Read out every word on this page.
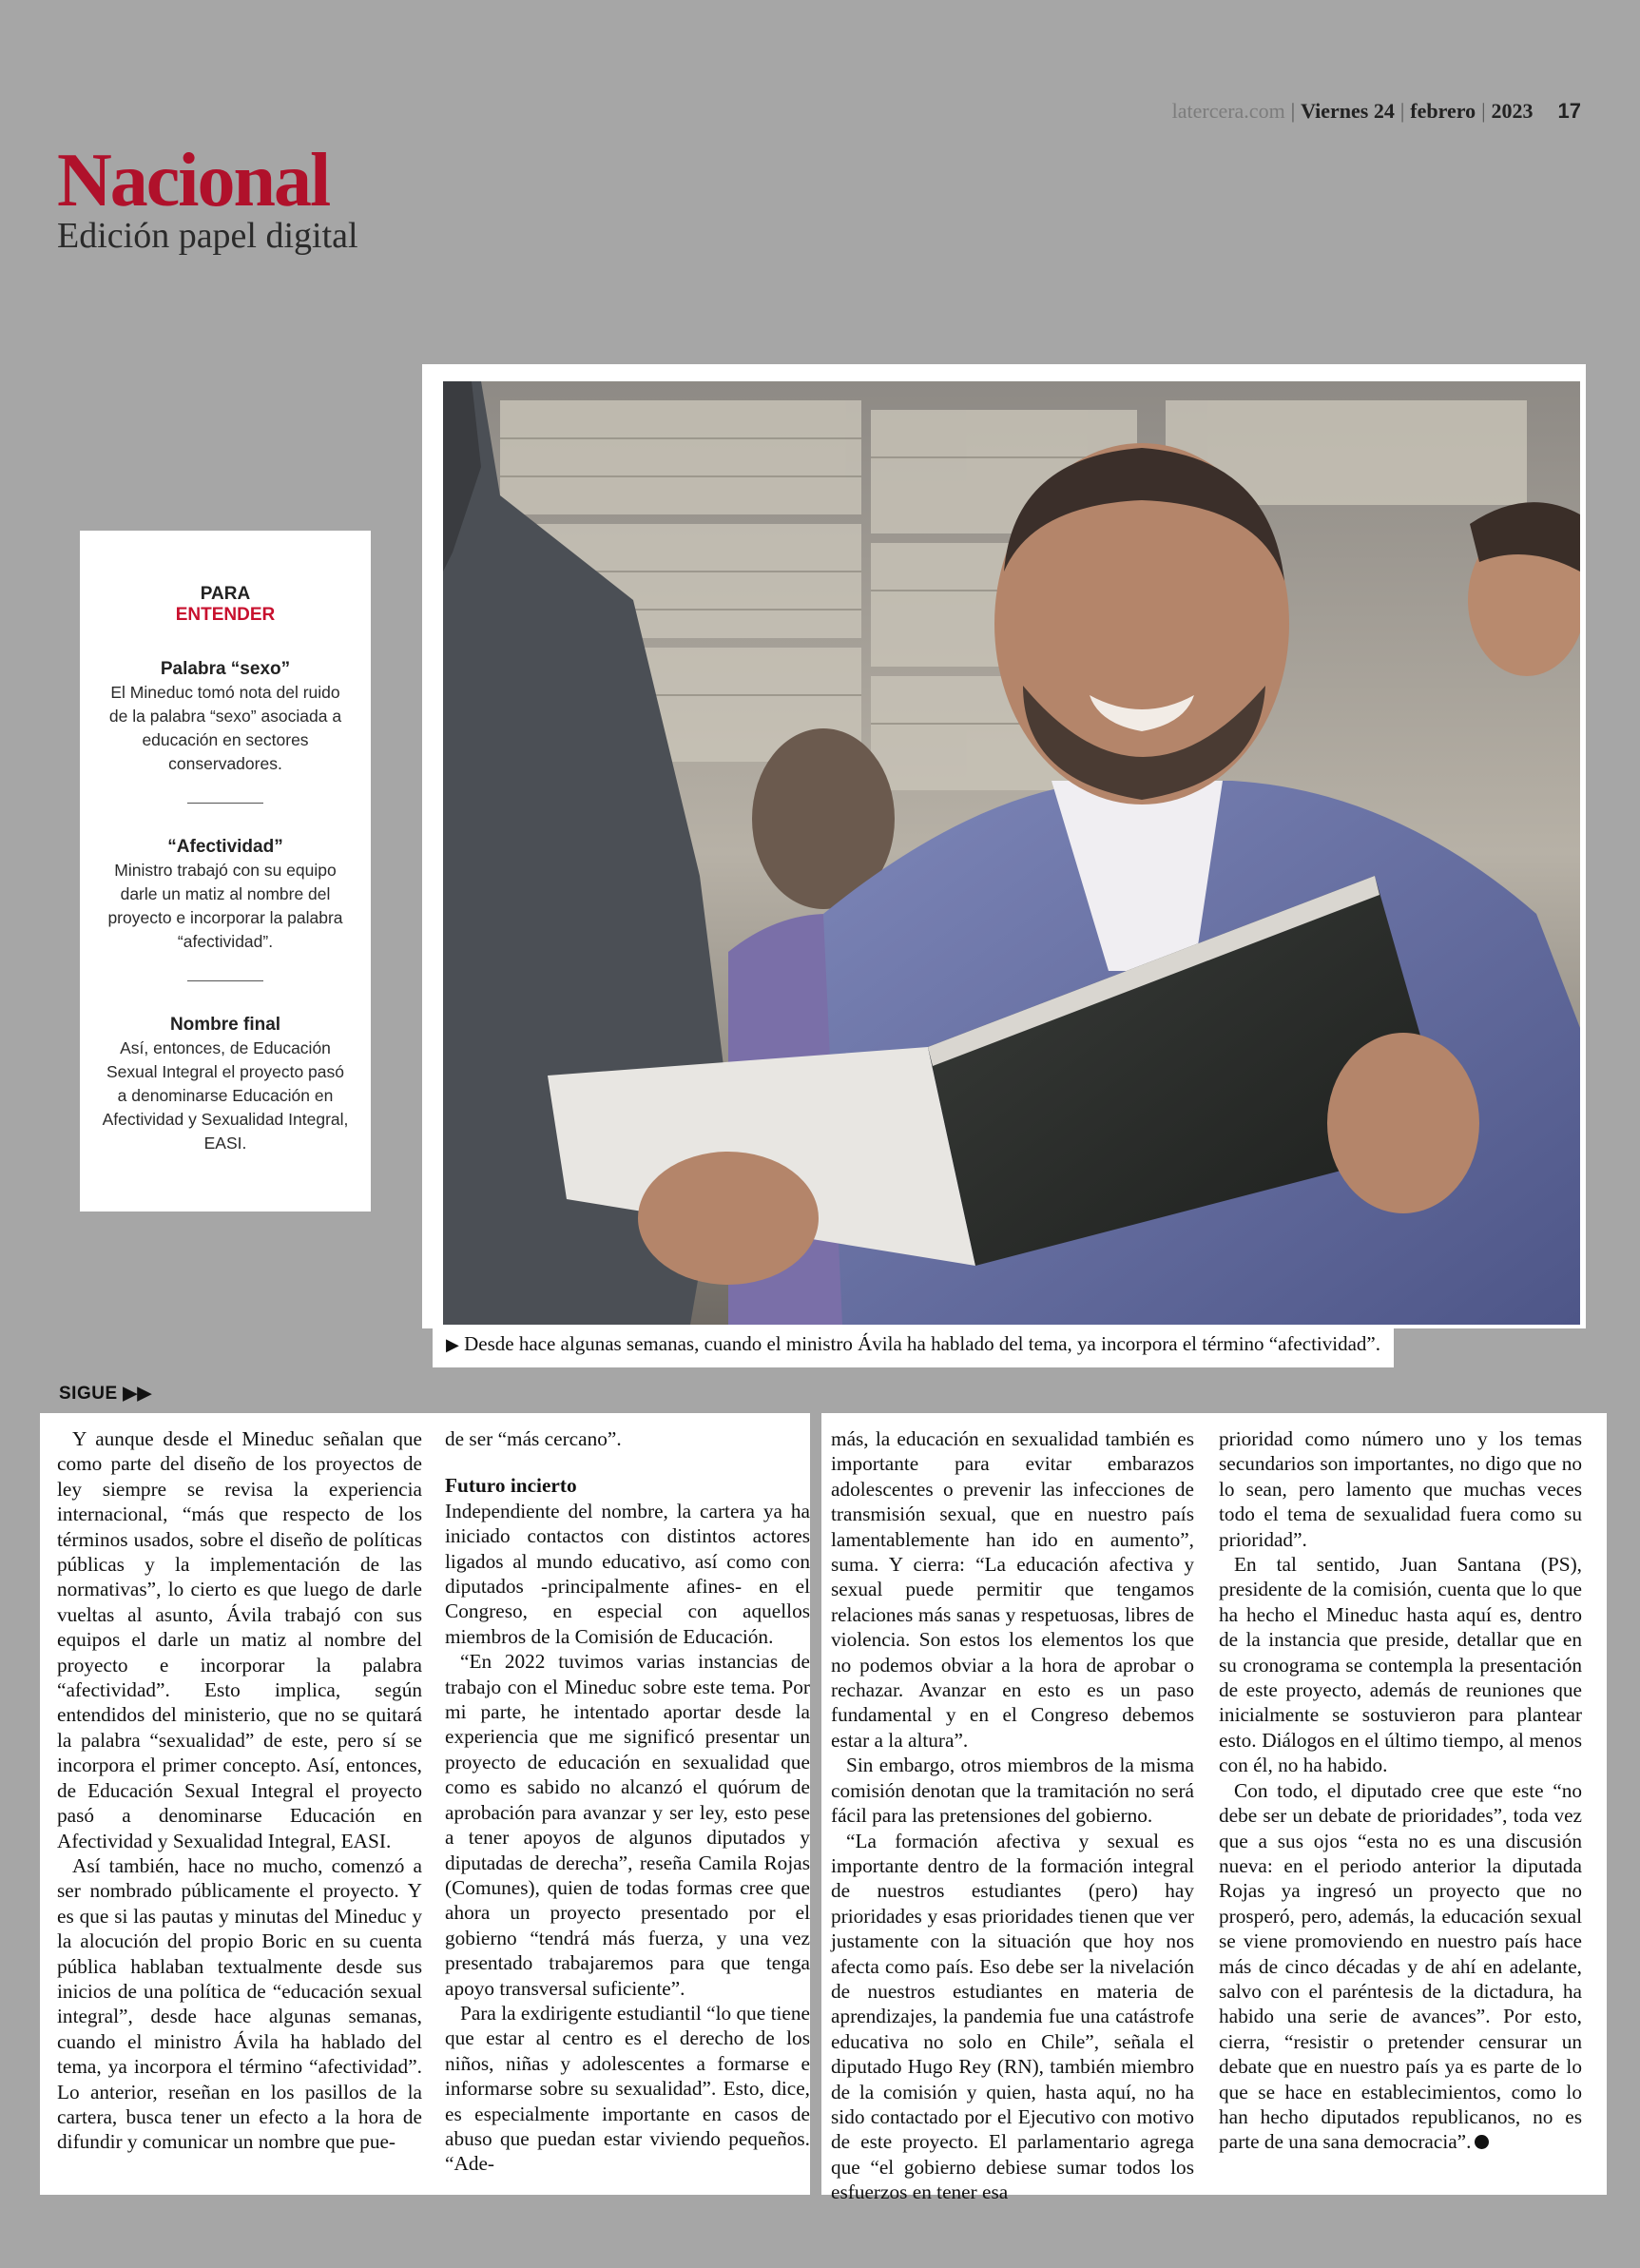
latercera.com | Viernes 24 | febrero | 2023 17
Nacional
Edición papel digital
PARA
ENTENDER
Palabra “sexo”
El Mineduc tomó nota del ruido de la palabra “sexo” asociada a educación en sectores conservadores.
“Afectividad”
Ministro trabajó con su equipo darle un matiz al nombre del proyecto e incorporar la palabra “afectividad”.
Nombre final
Así, entonces, de Educación Sexual Integral el proyecto pasó a denominarse Educación en Afectividad y Sexualidad Integral, EASI.
▶ Desde hace algunas semanas, cuando el ministro Ávila ha hablado del tema, ya incorpora el término “afectividad”.
SIGUE ▶▶

Y aunque desde el Mineduc señalan que como parte del diseño de los proyectos de ley siempre se revisa la experiencia internacional, “más que respecto de los términos usados, sobre el diseño de políticas públicas y la implementación de las normativas”, lo cierto es que luego de darle vueltas al asunto, Ávila trabajó con sus equipos el darle un matiz al nombre del proyecto e incorporar la palabra “afectividad”. Esto implica, según entendidos del ministerio, que no se quitará la palabra “sexualidad” de este, pero sí se incorpora el primer concepto. Así, entonces, de Educación Sexual Integral el proyecto pasó a denominarse Educación en Afectividad y Sexualidad Integral, EASI.

Así también, hace no mucho, comenzó a ser nombrado públicamente el proyecto. Y es que si las pautas y minutas del Mineduc y la alocución del propio Boric en su cuenta pública hablaban textualmente desde sus inicios de una política de “educación sexual integral”, desde hace algunas semanas, cuando el ministro Ávila ha hablado del tema, ya incorpora el término “afectividad”. Lo anterior, reseñan en los pasillos de la cartera, busca tener un efecto a la hora de difundir y comunicar un nombre que pue-

de ser “más cercano”.

Futuro incierto

Independiente del nombre, la cartera ya ha iniciado contactos con distintos actores ligados al mundo educativo, así como con diputados -principalmente afines- en el Congreso, en especial con aquellos miembros de la Comisión de Educación.

“En 2022 tuvimos varias instancias de trabajo con el Mineduc sobre este tema. Por mi parte, he intentado aportar desde la experiencia que me significó presentar un proyecto de educación en sexualidad que como es sabido no alcanzó el quórum de aprobación para avanzar y ser ley, esto pese a tener apoyos de algunos diputados y diputadas de derecha”, reseña Camila Rojas (Comunes), quien de todas formas cree que ahora un proyecto presentado por el gobierno “tendrá más fuerza, y una vez presentado trabajaremos para que tenga apoyo transversal suficiente”.

Para la exdirigente estudiantil “lo que tiene que estar al centro es el derecho de los niños, niñas y adolescentes a formarse e informarse sobre su sexualidad”. Esto, dice, es especialmente importante en casos de abuso que puedan estar viviendo pequeños. “Ade-

más, la educación en sexualidad también es importante para evitar embarazos adolescentes o prevenir las infecciones de transmisión sexual, que en nuestro país lamentablemente han ido en aumento”, suma. Y cierra: “La educación afectiva y sexual puede permitir que tengamos relaciones más sanas y respetuosas, libres de violencia. Son estos los elementos los que no podemos obviar a la hora de aprobar o rechazar. Avanzar en esto es un paso fundamental y en el Congreso debemos estar a la altura”.

Sin embargo, otros miembros de la misma comisión denotan que la tramitación no será fácil para las pretensiones del gobierno.

“La formación afectiva y sexual es importante dentro de la formación integral de nuestros estudiantes (pero) hay prioridades y esas prioridades tienen que ver justamente con la situación que hoy nos afecta como país. Eso debe ser la nivelación de nuestros estudiantes en materia de aprendizajes, la pandemia fue una catástrofe educativa no solo en Chile”, señala el diputado Hugo Rey (RN), también miembro de la comisión y quien, hasta aquí, no ha sido contactado por el Ejecutivo con motivo de este proyecto. El parlamentario agrega que “el gobierno debiese sumar todos los esfuerzos en tener esa

prioridad como número uno y los temas secundarios son importantes, no digo que no lo sean, pero lamento que muchas veces todo el tema de sexualidad fuera como su prioridad”.

En tal sentido, Juan Santana (PS), presidente de la comisión, cuenta que lo que ha hecho el Mineduc hasta aquí es, dentro de la instancia que preside, detallar que en su cronograma se contempla la presentación de este proyecto, además de reuniones que inicialmente se sostuvieron para plantear esto. Diálogos en el último tiempo, al menos con él, no ha habido.

Con todo, el diputado cree que este “no debe ser un debate de prioridades”, toda vez que a sus ojos “esta no es una discusión nueva: en el periodo anterior la diputada Rojas ya ingresó un proyecto que no prosperó, pero, además, la educación sexual se viene promoviendo en nuestro país hace más de cinco décadas y de ahí en adelante, salvo con el paréntesis de la dictadura, ha habido una serie de avances”. Por esto, cierra, “resistir o pretender censurar un debate que en nuestro país ya es parte de lo que se hace en establecimientos, como lo han hecho diputados republicanos, no es parte de una sana democracia”.
